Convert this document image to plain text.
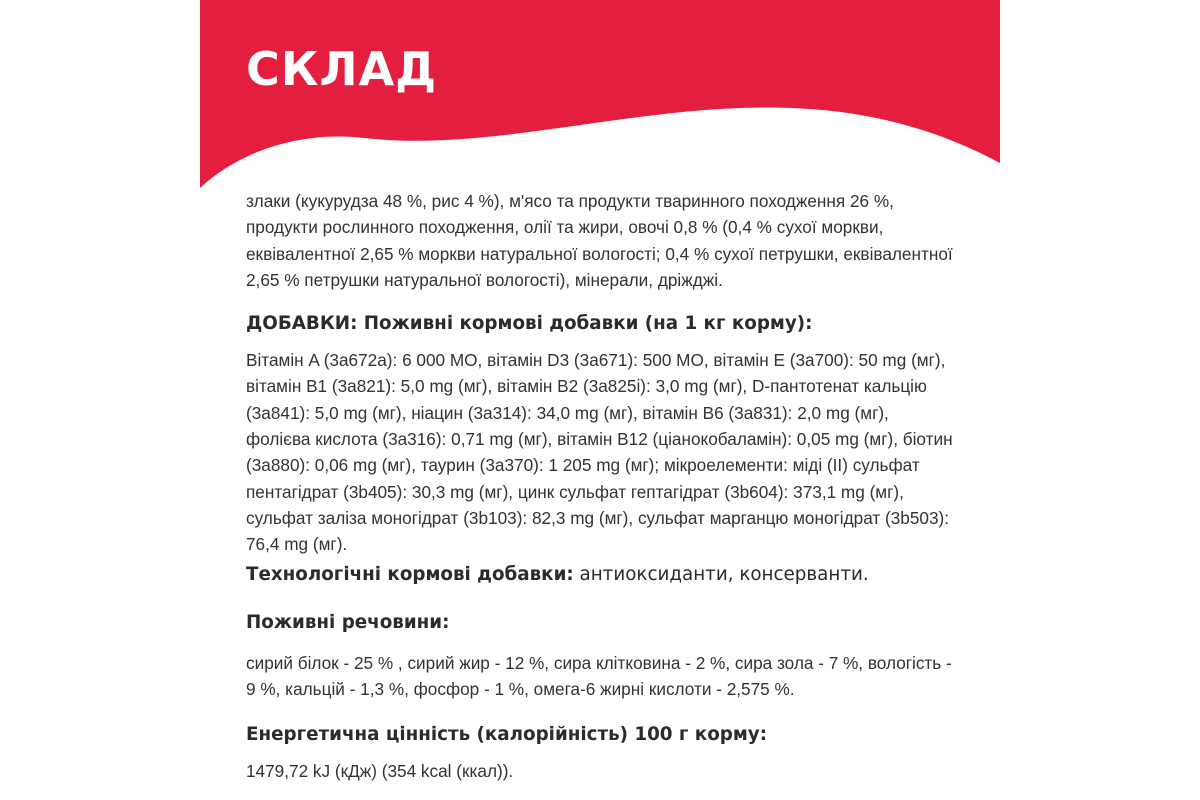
СКЛАД

злаки (кукурудза 48 %, рис 4 %), м'ясо та продукти тваринного походження 26 %, продукти рослинного походження, олії та жири, овочі 0,8 % (0,4 % сухої моркви, еквівалентної 2,65 % моркви натуральної вологості; 0,4 % сухої петрушки, еквівалентної 2,65 % петрушки натуральної вологості), мінерали, дріжджі.

ДОБАВКИ: Поживні кормові добавки (на 1 кг корму):

Вітамін A (3a672a): 6 000 МО, вітамін D3 (3a671): 500 МО, вітамін E (3a700): 50 mg (мг), вітамін B1 (3a821): 5,0 mg (мг), вітамін B2 (3a825i): 3,0 mg (мг), D-пантотенат кальцію (3a841): 5,0 mg (мг), ніацин (3a314): 34,0 mg (мг), вітамін B6 (3a831): 2,0 mg (мг), фолієва кислота (3a316): 0,71 mg (мг), вітамін B12 (ціанокобаламін): 0,05 mg (мг), біотин (3a880): 0,06 mg (мг), таурин (3a370): 1 205 mg (мг); мікроелементи: міді (II) сульфат пентагідрат (3b405): 30,3 mg (мг), цинк сульфат гептагідрат (3b604): 373,1 mg (мг), сульфат заліза моногідрат (3b103): 82,3 mg (мг), сульфат марганцю моногідрат (3b503): 76,4 mg (мг).

Технологічні кормові добавки: антиоксиданти, консерванти.

Поживні речовини:

сирий білок - 25 % , сирий жир - 12 %, сира клітковина - 2 %, сира зола - 7 %, вологість - 9 %, кальцій - 1,3 %, фосфор - 1 %, омега-6 жирні кислоти - 2,575 %.

Енергетична цінність (калорійність) 100 г корму:

1479,72 kJ (кДж) (354 kcal (ккал)).
